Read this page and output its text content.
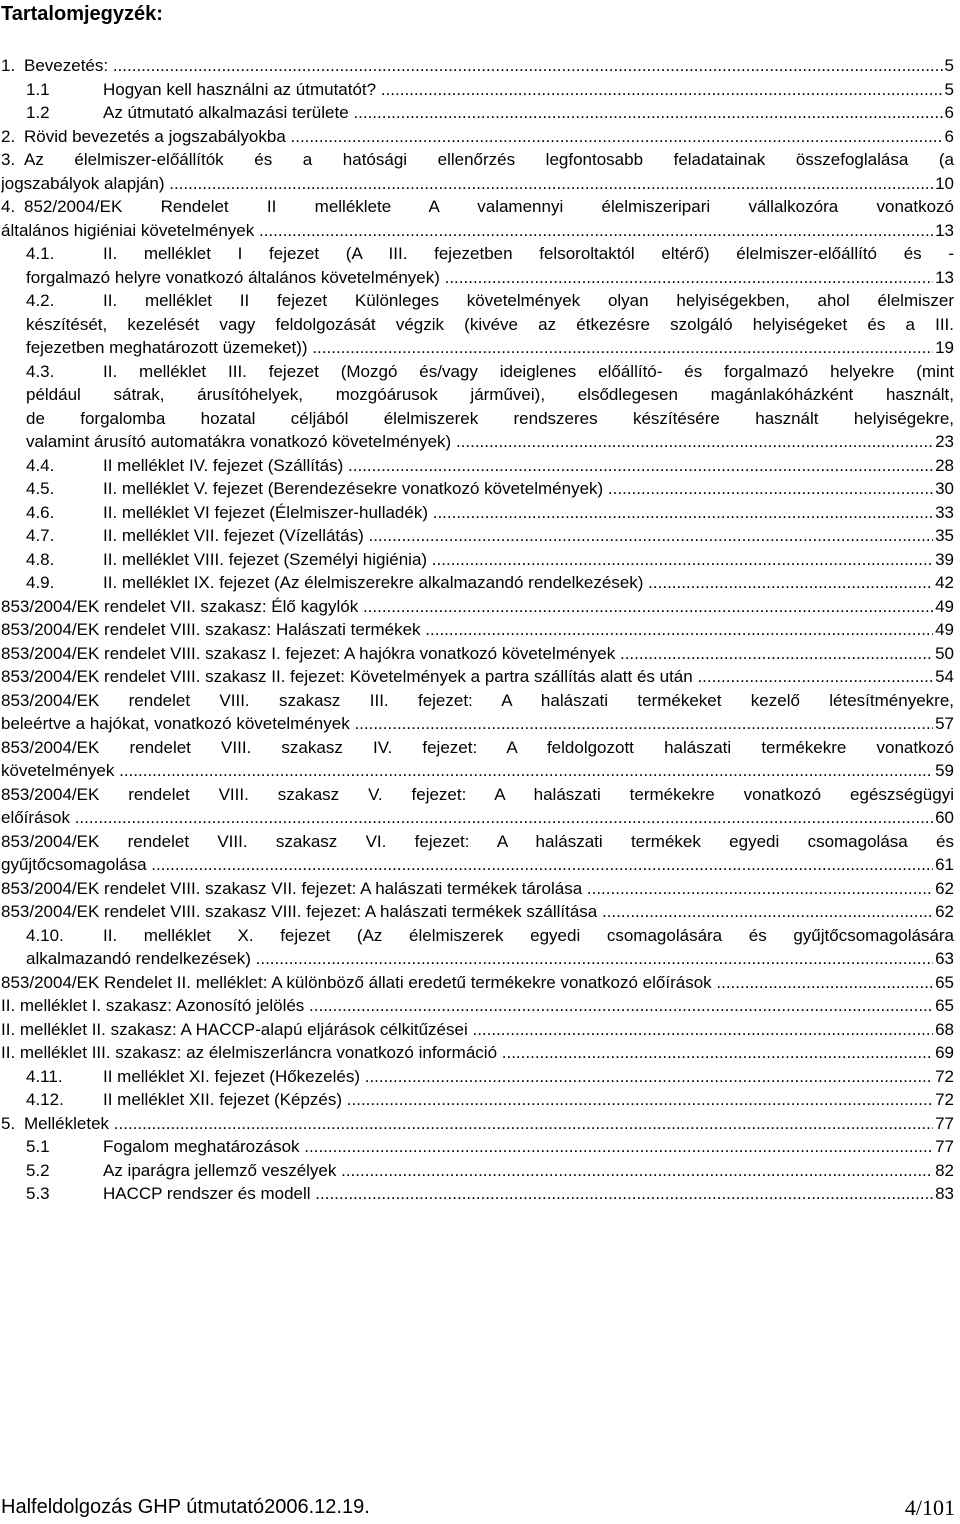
Tartalomjegyzék:
1. Bevezetés: .....	5
1.1	Hogyan kell használni az útmutatót? .....	5
1.2	Az útmutató alkalmazási területe .....	6
2. Rövid bevezetés a jogszabályokba .....	6
3. Az élelmiszer-előállítók és a hatósági ellenőrzés legfontosabb feladatainak összefoglalása (a
jogszabályok alapján) .....	10
4. 852/2004/EK Rendelet II melléklete A valamennyi élelmiszeripari vállalkozóra vonatkozó
általános higiéniai követelmények .....	13
4.1.	II. melléklet I fejezet (A III. fejezetben felsoroltaktól eltérő) élelmiszer-előállító és -
forgalmazó helyre vonatkozó általános követelmények) .....	13
4.2.	II. melléklet II fejezet Különleges követelmények olyan helyiségekben, ahol élelmiszer
készítését, kezelését vagy feldolgozását végzik (kivéve az étkezésre szolgáló helyiségeket és a III.
fejezetben meghatározott üzemeket)) .....	19
4.3.	II. melléklet III. fejezet (Mozgó és/vagy ideiglenes előállító- és forgalmazó helyekre (mint
például sátrak, árusítóhelyek, mozgóárusok járművei), elsődlegesen magánlakóházként használt,
de forgalomba hozatal céljából élelmiszerek rendszeres készítésére használt helyiségekre,
valamint árusító automatákra vonatkozó követelmények) .....	23
4.4.	II melléklet IV. fejezet (Szállítás) .....	28
4.5.	II. melléklet V. fejezet (Berendezésekre vonatkozó követelmények) .....	30
4.6.	II. melléklet VI fejezet (Élelmiszer-hulladék) .....	33
4.7.	II. melléklet VII. fejezet (Vízellátás) .....	35
4.8.	II. melléklet VIII. fejezet (Személyi higiénia) .....	39
4.9.	II. melléklet IX. fejezet (Az élelmiszerekre alkalmazandó rendelkezések) .....	42
853/2004/EK rendelet VII. szakasz: Élő kagylók .....	49
853/2004/EK rendelet VIII. szakasz: Halászati termékek .....	49
853/2004/EK rendelet VIII. szakasz I. fejezet: A hajókra vonatkozó követelmények .....	50
853/2004/EK rendelet VIII. szakasz II. fejezet: Követelmények a partra szállítás alatt és után .....	54
853/2004/EK rendelet VIII. szakasz III. fejezet: A halászati termékeket kezelő létesítményekre,
beleértve a hajókat, vonatkozó követelmények .....	57
853/2004/EK rendelet VIII. szakasz IV. fejezet: A feldolgozott halászati termékekre vonatkozó
követelmények .....	59
853/2004/EK rendelet VIII. szakasz V. fejezet: A halászati termékekre vonatkozó egészségügyi
előírások .....	60
853/2004/EK rendelet VIII. szakasz VI. fejezet: A halászati termékek egyedi csomagolása és
gyűjtőcsomagolása .....	61
853/2004/EK rendelet VIII. szakasz VII. fejezet: A halászati termékek tárolása .....	62
853/2004/EK rendelet VIII. szakasz VIII. fejezet: A halászati termékek szállítása .....	62
4.10. II. melléklet X. fejezet (Az élelmiszerek egyedi csomagolására és gyűjtőcsomagolására
alkalmazandó rendelkezések) .....	63
853/2004/EK Rendelet II. melléklet: A különböző állati eredetű termékekre vonatkozó előírások .....	65
II. melléklet I. szakasz: Azonosító jelölés .....	65
II. melléklet II. szakasz: A HACCP-alapú eljárások célkitűzései .....	68
II. melléklet III. szakasz: az élelmiszerláncra vonatkozó információ .....	69
4.11. II melléklet XI. fejezet (Hőkezelés) .....	72
4.12. II melléklet XII. fejezet (Képzés) .....	72
5. Mellékletek .....	77
5.1	Fogalom meghatározások .....	77
5.2	Az iparágra jellemző veszélyek .....	82
5.3	HACCP rendszer és modell .....	83
Halfeldolgozás GHP útmutató2006.12.19.	4/101
